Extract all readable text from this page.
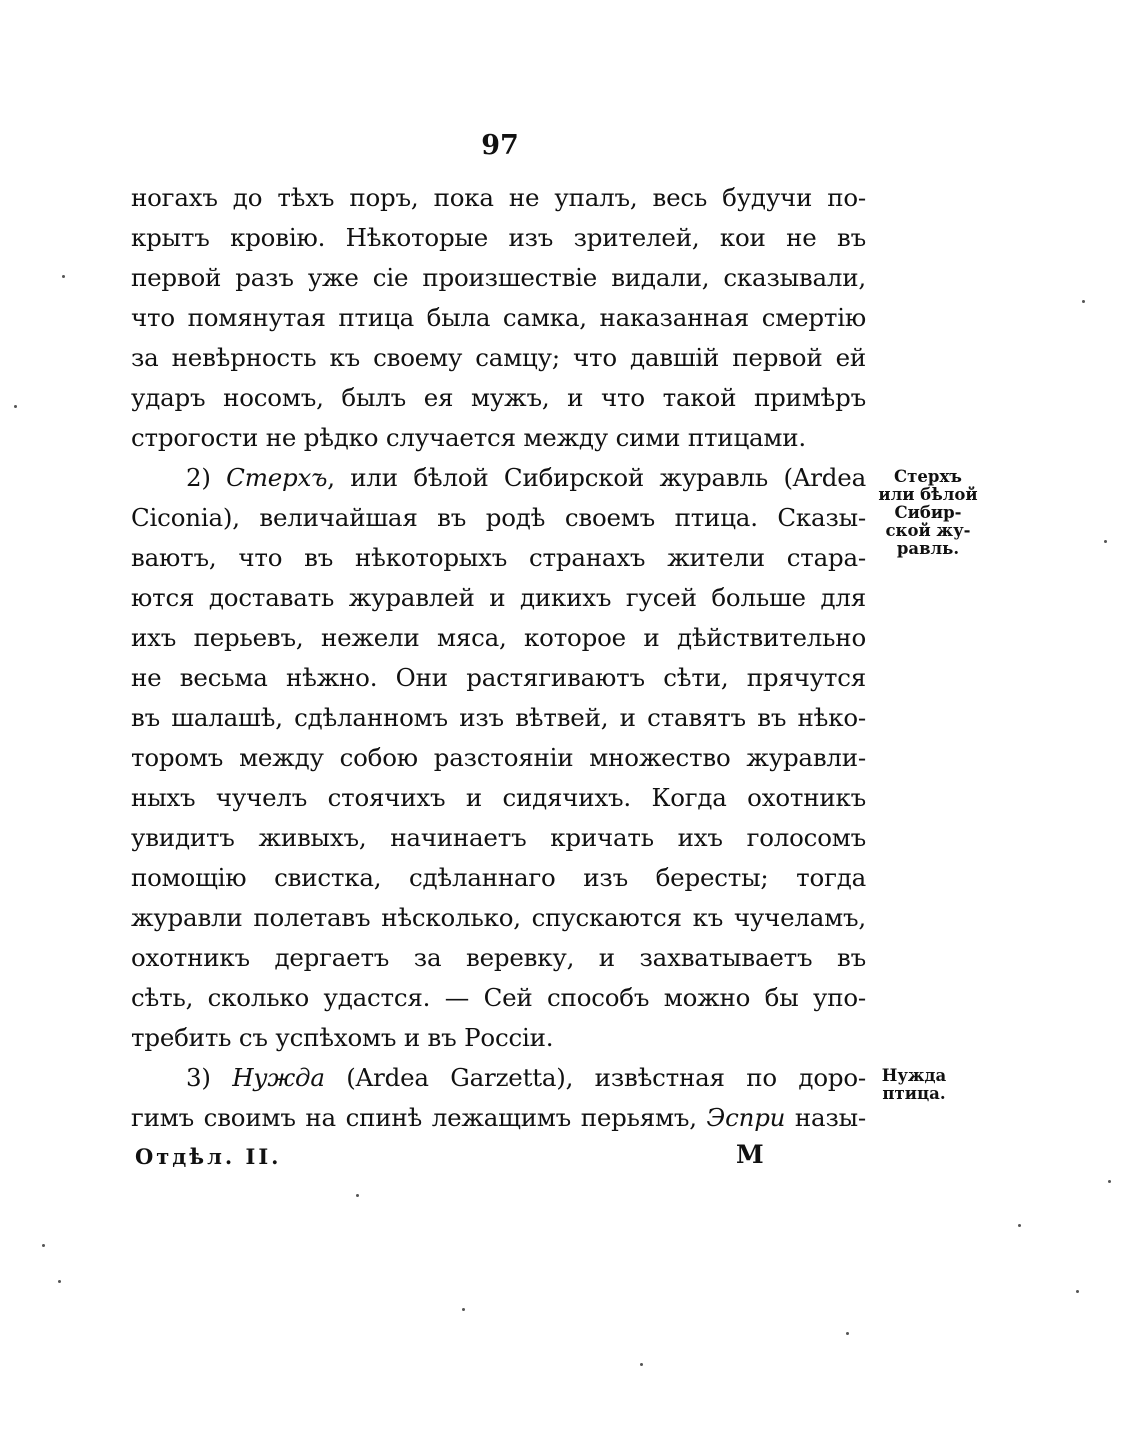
97
ногахъ до тѣхъ поръ, пока не упалъ, весь будучи по-
крытъ кровію. Нѣкоторые изъ зрителей, кои не въ
первой разъ уже сіе произшествіе видали, сказывали,
что помянутая птица была самка, наказанная смертію
за невѣрность къ своему самцу; что давшій первой ей
ударъ носомъ, былъ ея мужъ, и что такой примѣръ
строгости не рѣдко случается между сими птицами.
2) Стерхъ, или бѣлой Сибирской журавль (Ardea
Ciconia), величайшая въ родѣ своемъ птица. Сказы-
ваютъ, что въ нѣкоторыхъ странахъ жители стара-
ются доставать журавлей и дикихъ гусей больше для
ихъ перьевъ, нежели мяса, которое и дѣйствительно
не весьма нѣжно. Они растягиваютъ сѣти, прячутся
въ шалашѣ, сдѣланномъ изъ вѣтвей, и ставятъ въ нѣко-
торомъ между собою разстояніи множество журавли-
ныхъ чучелъ стоячихъ и сидячихъ. Когда охотникъ
увидитъ живыхъ, начинаетъ кричать ихъ голосомъ
помощію свистка, сдѣланнаго изъ бересты; тогда
журавли полетавъ нѣсколько, спускаются къ чучеламъ,
охотникъ дергаетъ за веревку, и захватываетъ въ
сѣть, сколько удастся. — Сей способъ можно бы упо-
требить съ успѣхомъ и въ Россіи.
3) Нужда (Ardea Garzetta), извѣстная по доро-
гимъ своимъ на спинѣ лежащимъ перьямъ, Эспри назы-
Стерхъ
или бѣлой
Сибир-
ской жу-
равль.
Нужда
птица.
Отдѣл. II.	М
